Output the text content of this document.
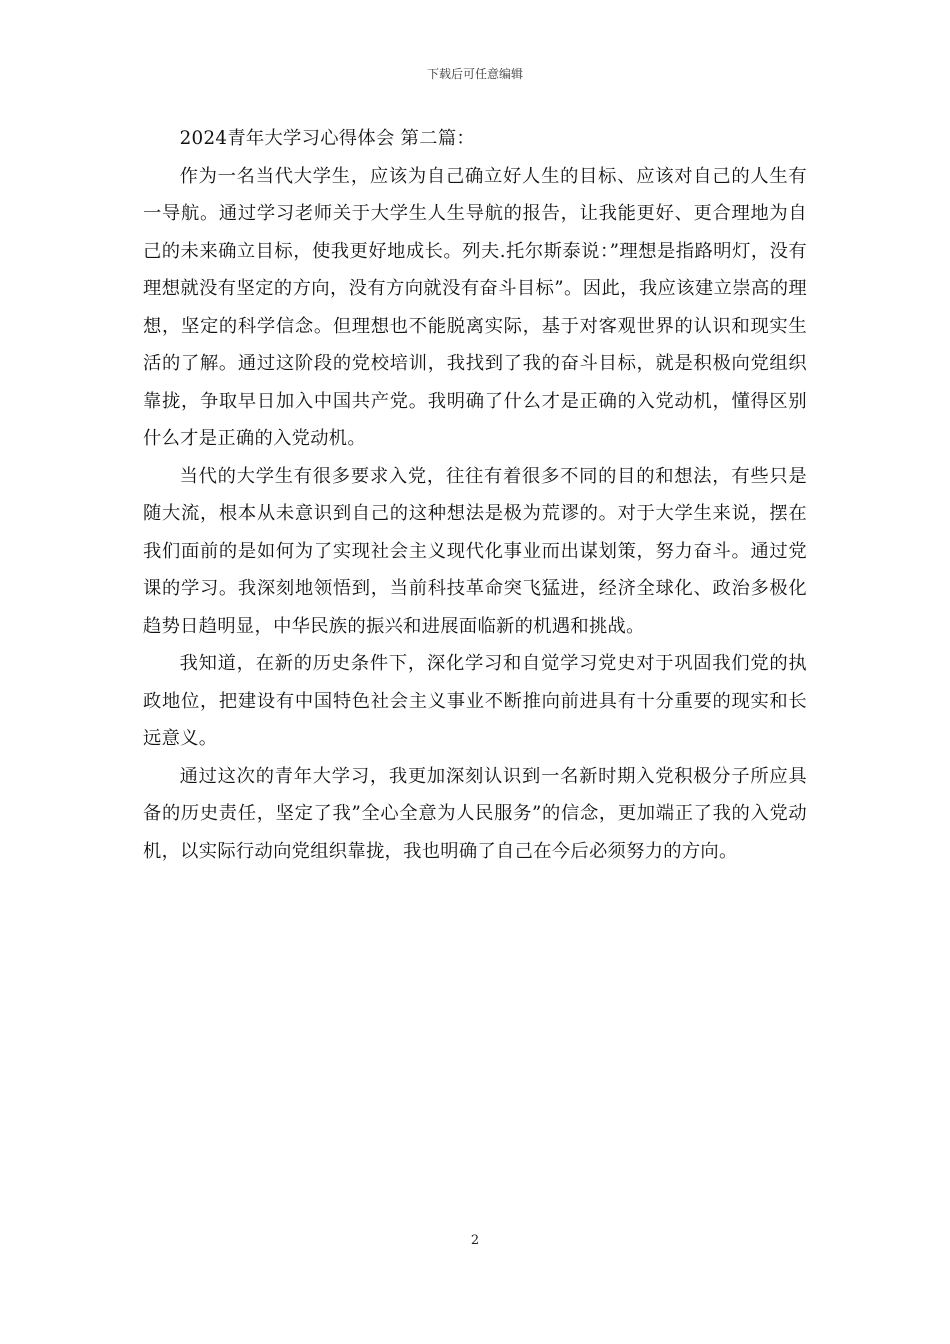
下载后可任意编辑

2024青年大学习心得体会 第二篇：

作为一名当代大学生，应该为自己确立好人生的目标、应该对自己的人生有一导航。通过学习老师关于大学生人生导航的报告，让我能更好、更合理地为自己的未来确立目标，使我更好地成长。列夫.托尔斯泰说：”理想是指路明灯，没有理想就没有坚定的方向，没有方向就没有奋斗目标”。因此，我应该建立崇高的理想，坚定的科学信念。但理想也不能脱离实际，基于对客观世界的认识和现实生活的了解。通过这阶段的党校培训，我找到了我的奋斗目标，就是积极向党组织靠拢，争取早日加入中国共产党。我明确了什么才是正确的入党动机，懂得区别什么才是正确的入党动机。

当代的大学生有很多要求入党，往往有着很多不同的目的和想法，有些只是随大流，根本从未意识到自己的这种想法是极为荒谬的。对于大学生来说，摆在我们面前的是如何为了实现社会主义现代化事业而出谋划策，努力奋斗。通过党课的学习。我深刻地领悟到，当前科技革命突飞猛进，经济全球化、政治多极化趋势日趋明显，中华民族的振兴和进展面临新的机遇和挑战。

我知道，在新的历史条件下，深化学习和自觉学习党史对于巩固我们党的执政地位，把建设有中国特色社会主义事业不断推向前进具有十分重要的现实和长远意义。

通过这次的青年大学习，我更加深刻认识到一名新时期入党积极分子所应具备的历史责任，坚定了我”全心全意为人民服务”的信念，更加端正了我的入党动机，以实际行动向党组织靠拢，我也明确了自己在今后必须努力的方向。

2
